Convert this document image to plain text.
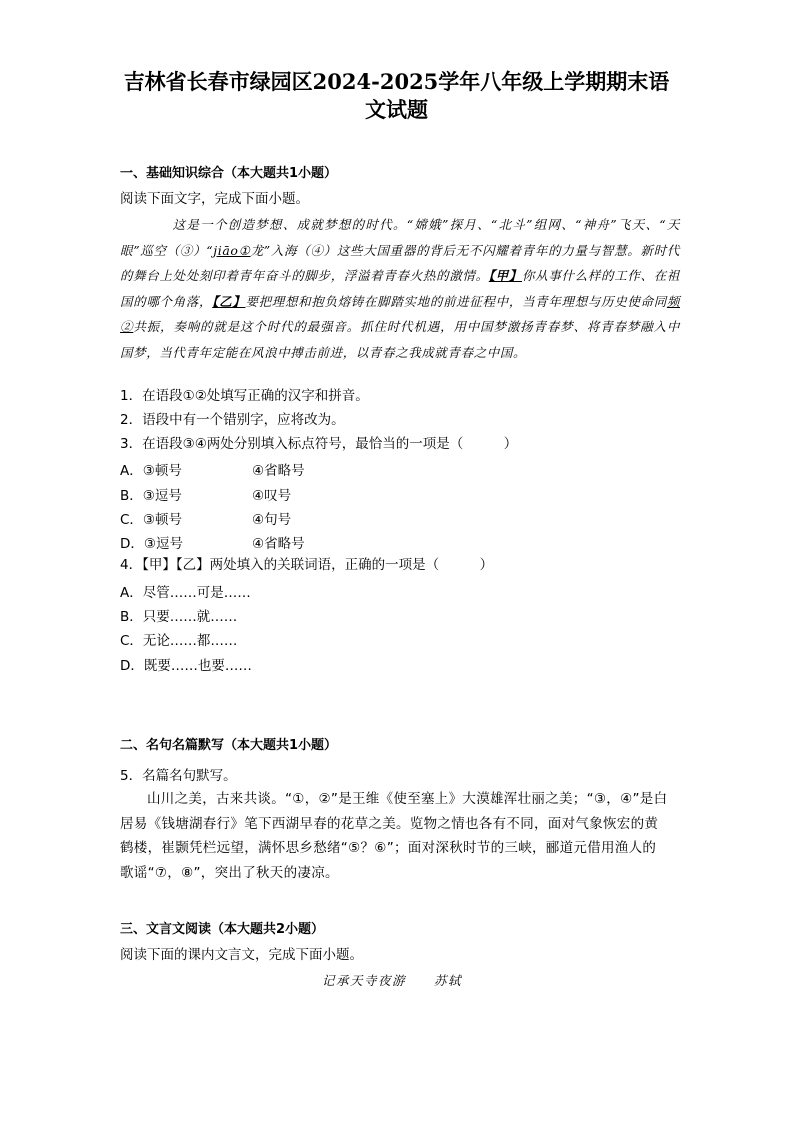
吉林省长春市绿园区2024-2025学年八年级上学期期末语
文试题
一、基础知识综合（本大题共1小题）
阅读下面文字，完成下面小题。
这是一个创造梦想、成就梦想的时代。“嫦娥”探月、“北斗”组网、“神舟”飞天、“天眼”巡空（③）“jiāo①龙”入海（④）这些大国重器的背后无不闪耀着青年的力量与智慧。新时代的舞台上处处刻印着青年奋斗的脚步，浮溢着青春火热的激情。【甲】你从事什么样的工作、在祖国的哪个角落，【乙】要把理想和抱负熔铸在脚踏实地的前进征程中，当青年理想与历史使命同频②共振，奏响的就是这个时代的最强音。抓住时代机遇，用中国梦激扬青春梦、将青春梦融入中国梦，当代青年定能在风浪中搏击前进，以青春之我成就青春之中国。
1．在语段①②处填写正确的汉字和拼音。
2．语段中有一个错别字，应将改为。
3．在语段③④两处分别填入标点符号，最恰当的一项是（　　　）
A．③顿号	④省略号
B．③逗号	④叹号
C．③顿号	④句号
D．③逗号	④省略号
4．【甲】【乙】两处填入的关联词语，正确的一项是（　　　）
A．尽管……可是……
B．只要……就……
C．无论……都……
D．既要……也要……
二、名句名篇默写（本大题共1小题）
5．名篇名句默写。
山川之美，古来共谈。“①，②”是王维《使至塞上》大漠雄浑壮丽之美；“③，④”是白居易《钱塘湖春行》笔下西湖早春的花草之美。览物之情也各有不同，面对气象恢宏的黄鹤楼，崔颢凭栏远望，满怀思乡愁绪“⑤？⑥”；面对深秋时节的三峡，郦道元借用渔人的歌谣“⑦，⑧”，突出了秋天的凄凉。
三、文言文阅读（本大题共2小题）
阅读下面的课内文言文，完成下面小题。
记承天寺夜游 苏轼
